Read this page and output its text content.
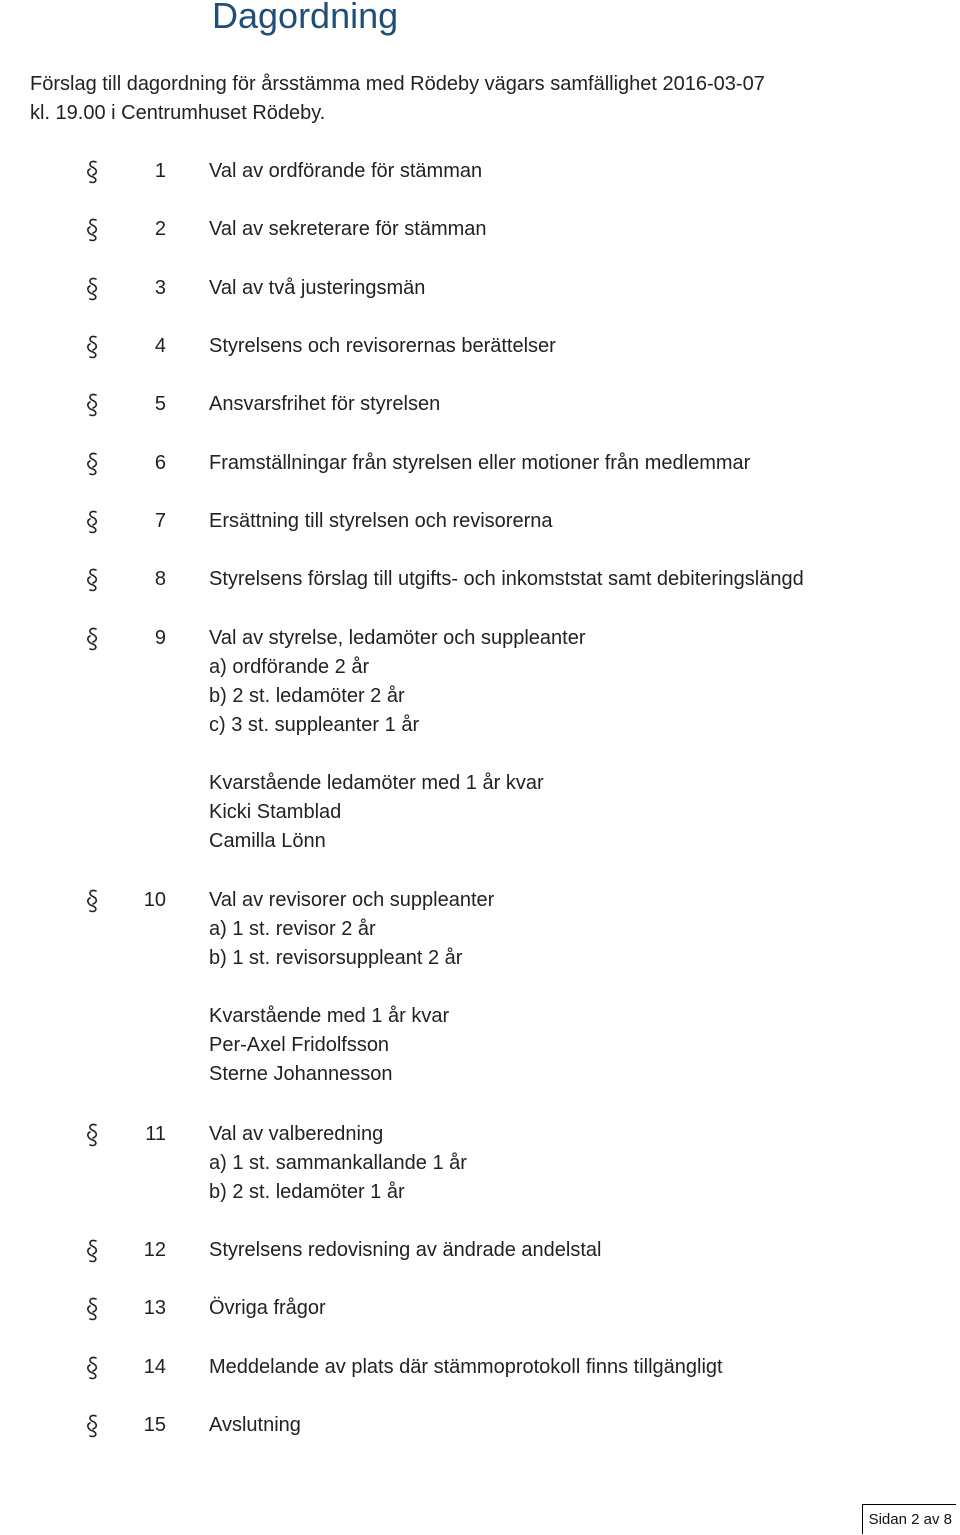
Dagordning
Förslag till dagordning för årsstämma med Rödeby vägars samfällighet 2016-03-07
kl. 19.00 i Centrumhuset Rödeby.
1 Val av ordförande för stämman
2 Val av sekreterare för stämman
3 Val av två justeringsmän
4 Styrelsens och revisorernas berättelser
5 Ansvarsfrihet för styrelsen
6 Framställningar från styrelsen eller motioner från medlemmar
7 Ersättning till styrelsen och revisorerna
8 Styrelsens förslag till utgifts- och inkomststat samt debiteringslängd
9 Val av styrelse, ledamöter och suppleanter
a) ordförande 2 år
b) 2 st. ledamöter 2 år
c) 3 st. suppleanter 1 år
Kvarstående ledamöter med 1 år kvar
Kicki Stamblad
Camilla Lönn
10 Val av revisorer och suppleanter
a) 1 st. revisor 2 år
b) 1 st. revisorsuppleant 2 år
Kvarstående med 1 år kvar
Per-Axel Fridolfsson
Sterne Johannesson
11 Val av valberedning
a) 1 st. sammankallande 1 år
b) 2 st. ledamöter 1 år
12 Styrelsens redovisning av ändrade andelstal
13 Övriga frågor
14 Meddelande av plats där stämmoprotokoll finns tillgängligt
15 Avslutning
Sidan 2 av 8
